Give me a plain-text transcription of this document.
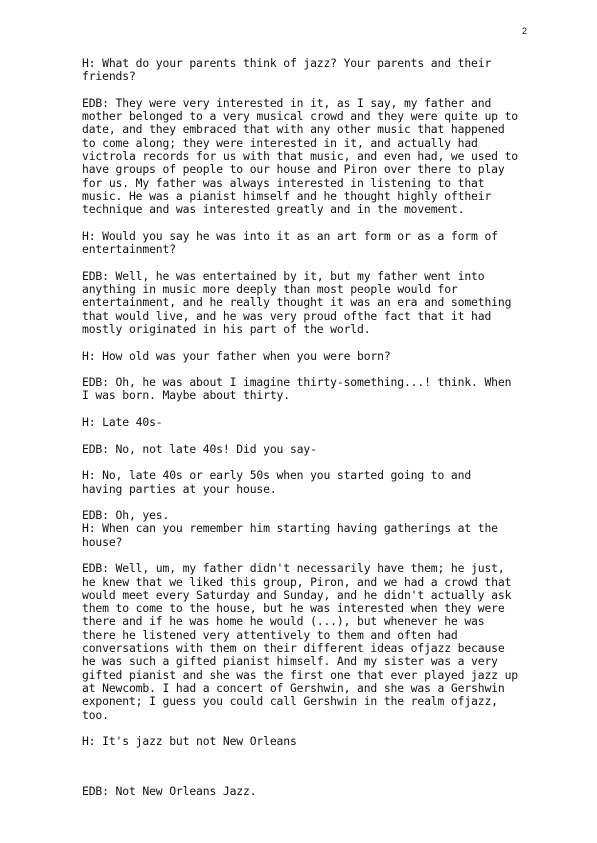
2

H: What do your parents think of jazz? Your parents and their
friends?

EDB: They were very interested in it, as I say, my father and
mother belonged to a very musical crowd and they were quite up to
date, and they embraced that with any other music that happened
to come along; they were interested in it, and actually had
victrola records for us with that music, and even had, we used to
have groups of people to our house and Piron over there to play
for us. My father was always interested in listening to that
music. He was a pianist himself and he thought highly oftheir
technique and was interested greatly and in the movement.

H: Would you say he was into it as an art form or as a form of
entertainment?

EDB: Well, he was entertained by it, but my father went into
anything in music more deeply than most people would for
entertainment, and he really thought it was an era and something
that would live, and he was very proud ofthe fact that it had
mostly originated in his part of the world.

H: How old was your father when you were born?

EDB: Oh, he was about I imagine thirty-something...! think. When
I was born. Maybe about thirty.

H: Late 40s-

EDB: No, not late 40s! Did you say-

H: No, late 40s or early 50s when you started going to and
having parties at your house.

EDB: Oh, yes.
H: When can you remember him starting having gatherings at the
house?

EDB: Well, um, my father didn't necessarily have them; he just,
he knew that we liked this group, Piron, and we had a crowd that
would meet every Saturday and Sunday, and he didn't actually ask
them to come to the house, but he was interested when they were
there and if he was home he would (...), but whenever he was
there he listened very attentively to them and often had
conversations with them on their different ideas ofjazz because
he was such a gifted pianist himself. And my sister was a very
gifted pianist and she was the first one that ever played jazz up
at Newcomb. I had a concert of Gershwin, and she was a Gershwin
exponent; I guess you could call Gershwin in the realm ofjazz,
too.

H: It's jazz but not New Orleans

EDB: Not New Orleans Jazz.
